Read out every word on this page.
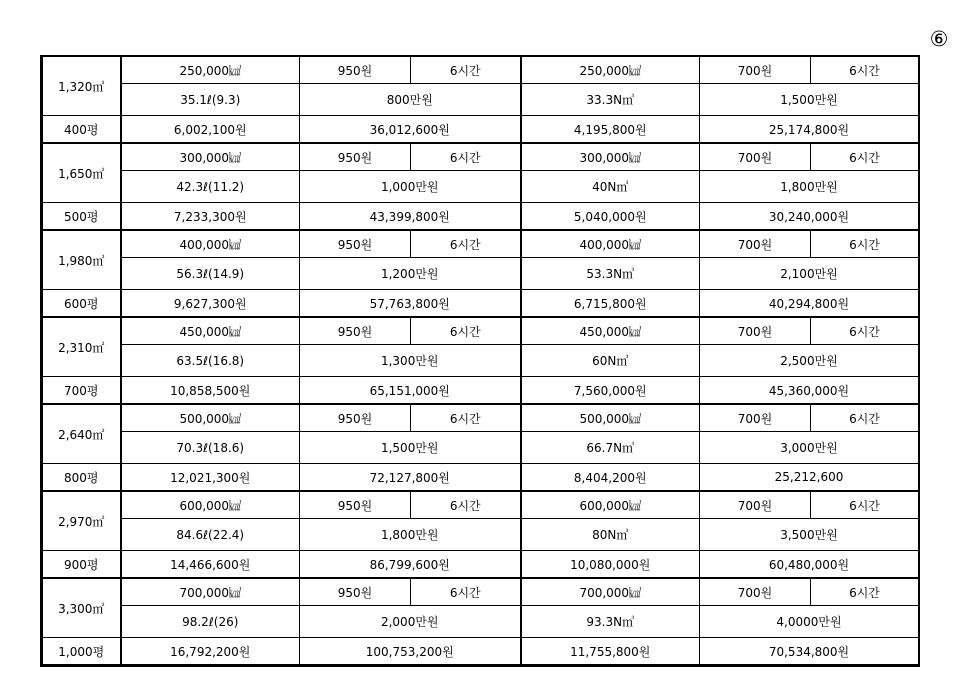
⑥
1,320㎡	250,000㎉	950원	6시간	250,000㎉	700원	6시간
	35.1ℓ(9.3)	800만원		33.3N㎥	1,500만원	
400평	6,002,100원	36,012,600원		4,195,800원	25,174,800원	
1,650㎡	300,000㎉	950원	6시간	300,000㎉	700원	6시간
	42.3ℓ(11.2)	1,000만원		40N㎥	1,800만원	
500평	7,233,300원	43,399,800원		5,040,000원	30,240,000원	
1,980㎡	400,000㎉	950원	6시간	400,000㎉	700원	6시간
	56.3ℓ(14.9)	1,200만원		53.3N㎥	2,100만원	
600평	9,627,300원	57,763,800원		6,715,800원	40,294,800원	
2,310㎡	450,000㎉	950원	6시간	450,000㎉	700원	6시간
	63.5ℓ(16.8)	1,300만원		60N㎥	2,500만원	
700평	10,858,500원	65,151,000원		7,560,000원	45,360,000원	
2,640㎡	500,000㎉	950원	6시간	500,000㎉	700원	6시간
	70.3ℓ(18.6)	1,500만원		66.7N㎥	3,000만원	
800평	12,021,300원	72,127,800원		8,404,200원	25,212,600	
2,970㎡	600,000㎉	950원	6시간	600,000㎉	700원	6시간
	84.6ℓ(22.4)	1,800만원		80N㎥	3,500만원	
900평	14,466,600원	86,799,600원		10,080,000원	60,480,000원	
3,300㎡	700,000㎉	950원	6시간	700,000㎉	700원	6시간
	98.2ℓ(26)	2,000만원		93.3N㎥	4,0000만원	
1,000평	16,792,200원	100,753,200원		11,755,800원	70,534,800원	
